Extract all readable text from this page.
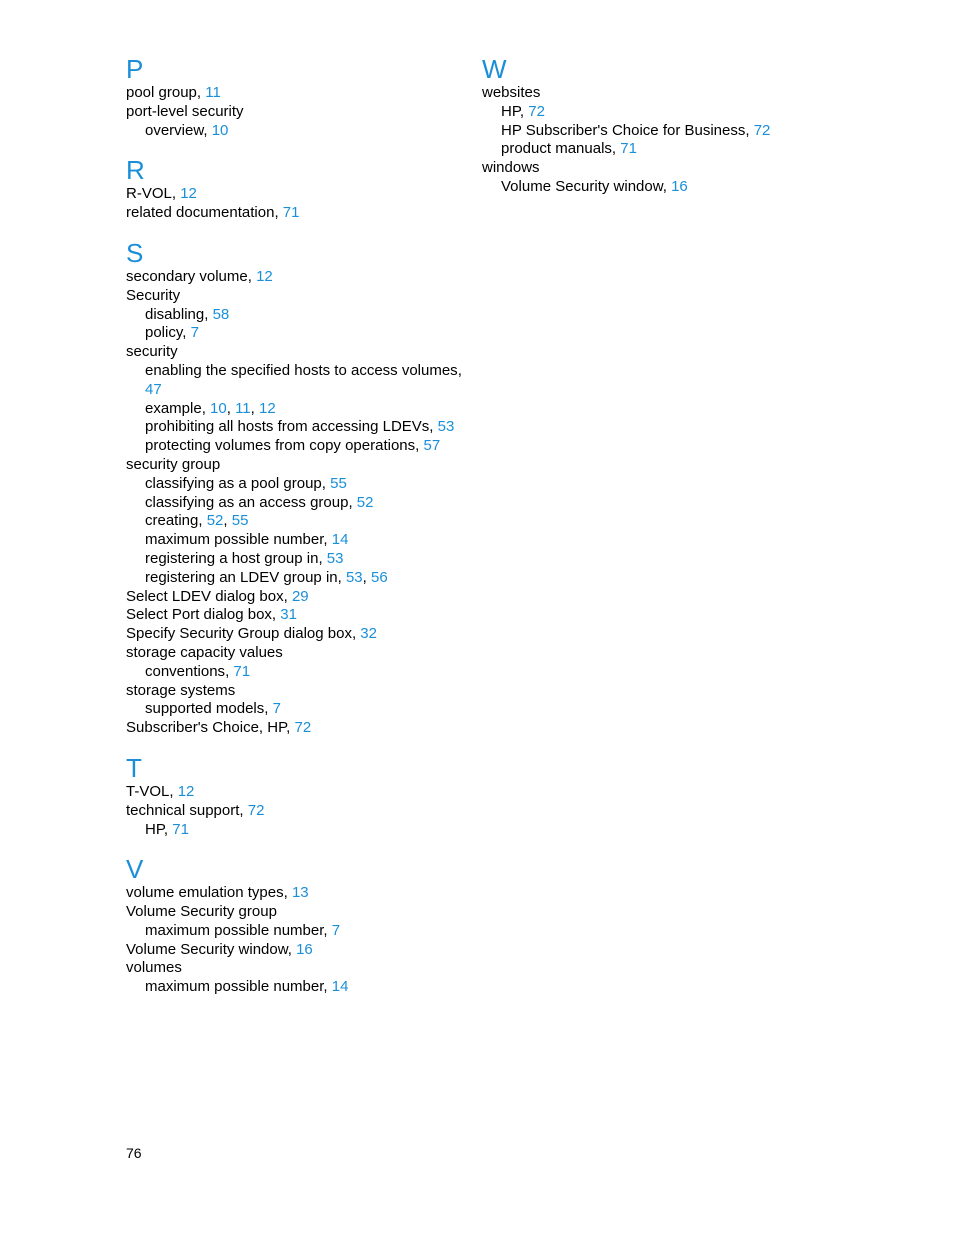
P
pool group, 11
port-level security
overview, 10
R
R-VOL, 12
related documentation, 71
S
secondary volume, 12
Security
disabling, 58
policy, 7
security
enabling the specified hosts to access volumes, 47
example, 10, 11, 12
prohibiting all hosts from accessing LDEVs, 53
protecting volumes from copy operations, 57
security group
classifying as a pool group, 55
classifying as an access group, 52
creating, 52, 55
maximum possible number, 14
registering a host group in, 53
registering an LDEV group in, 53, 56
Select LDEV dialog box, 29
Select Port dialog box, 31
Specify Security Group dialog box, 32
storage capacity values
conventions, 71
storage systems
supported models, 7
Subscriber's Choice, HP, 72
T
T-VOL, 12
technical support, 72
HP, 71
V
volume emulation types, 13
Volume Security group
maximum possible number, 7
Volume Security window, 16
volumes
maximum possible number, 14
W
websites
HP, 72
HP Subscriber's Choice for Business, 72
product manuals, 71
windows
Volume Security window, 16
76
